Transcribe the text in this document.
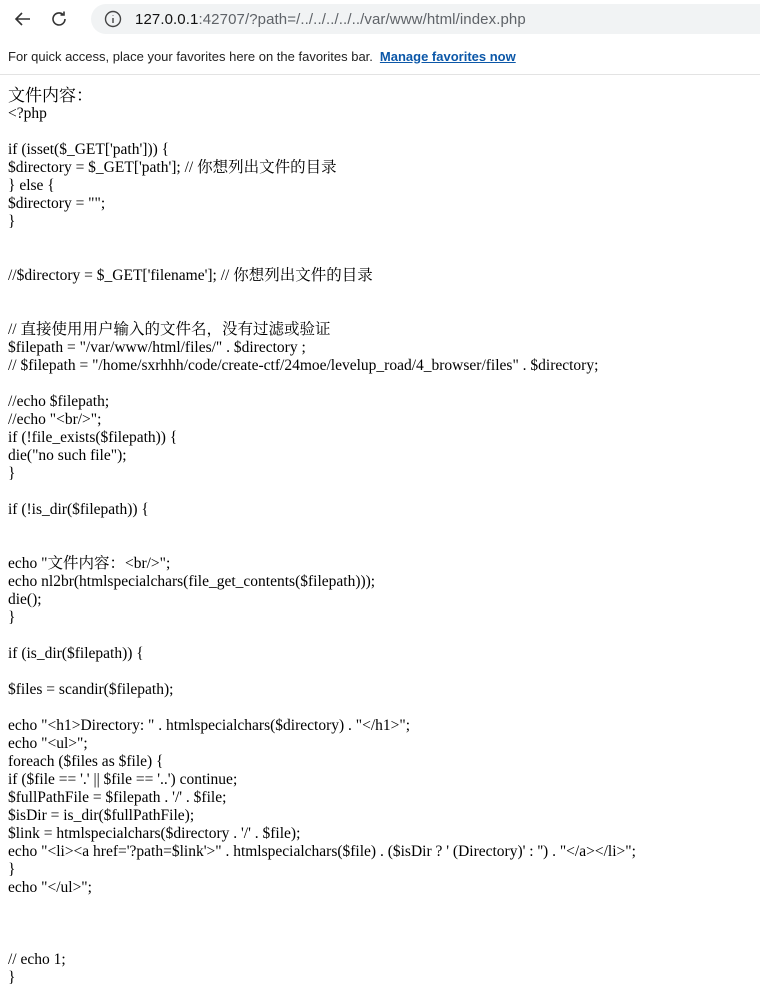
127.0.0.1:42707/?path=/../../../../../var/www/html/index.php
For quick access, place your favorites here on the favorites bar. Manage favorites now
文件内容：
<?php
if (isset($_GET['path'])) {
$directory = $_GET['path']; // 你想列出文件的目录
} else {
$directory = "";
}
//$directory = $_GET['filename']; // 你想列出文件的目录
// 直接使用用户输入的文件名，没有过滤或验证
$filepath = "/var/www/html/files/" . $directory ;
// $filepath = "/home/sxrhhh/code/create-ctf/24moe/levelup_road/4_browser/files" . $directory;
//echo $filepath;
//echo "<br/>";
if (!file_exists($filepath)) {
die("no such file");
}
if (!is_dir($filepath)) {
echo "文件内容：<br/>";
echo nl2br(htmlspecialchars(file_get_contents($filepath)));
die();
}
if (is_dir($filepath)) {
$files = scandir($filepath);
echo "<h1>Directory: " . htmlspecialchars($directory) . "</h1>";
echo "<ul>";
foreach ($files as $file) {
if ($file == '.' || $file == '..') continue;
$fullPathFile = $filepath . '/' . $file;
$isDir = is_dir($fullPathFile);
$link = htmlspecialchars($directory . '/' . $file);
echo "<li><a href='?path=$link'>" . htmlspecialchars($file) . ($isDir ? ' (Directory)' : '') . "</a></li>";
}
echo "</ul>";
// echo 1;
}
